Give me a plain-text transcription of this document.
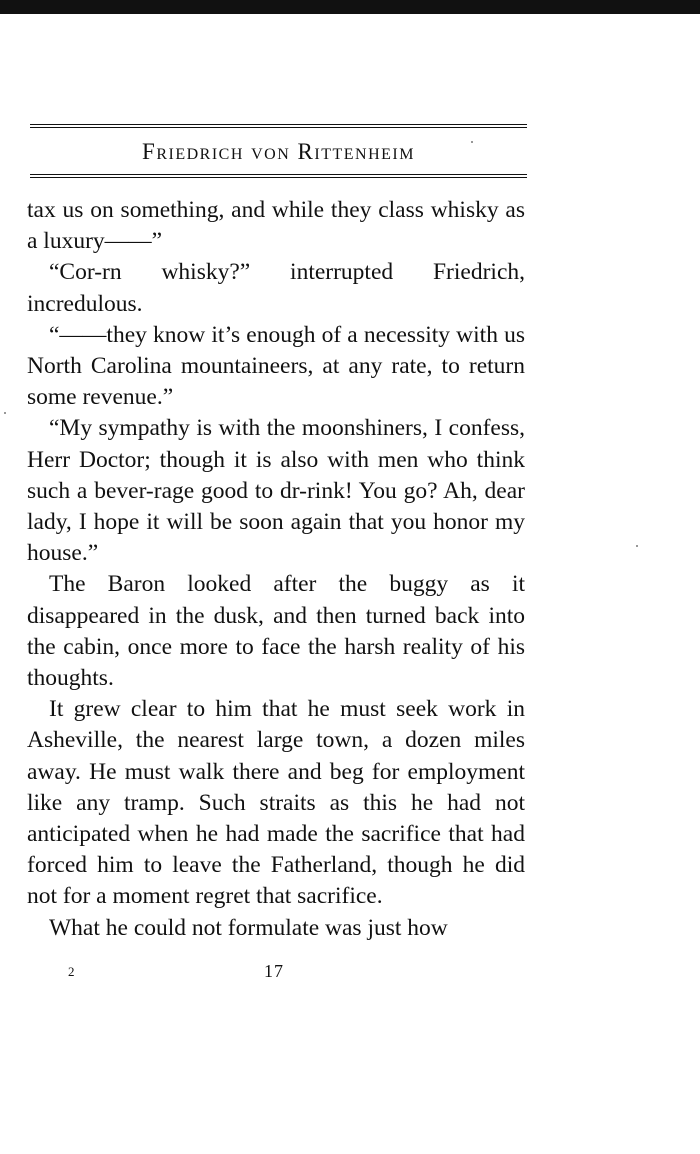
Friedrich von Rittenheim

tax us on something, and while they class whisky as a luxury——”

“Cor-rn whisky?” interrupted Friedrich, incredulous.

“——they know it’s enough of a necessity with us North Carolina mountaineers, at any rate, to return some revenue.”

“My sympathy is with the moonshiners, I confess, Herr Doctor; though it is also with men who think such a bever-rage good to dr-rink! You go? Ah, dear lady, I hope it will be soon again that you honor my house.”

The Baron looked after the buggy as it disappeared in the dusk, and then turned back into the cabin, once more to face the harsh reality of his thoughts.

It grew clear to him that he must seek work in Asheville, the nearest large town, a dozen miles away. He must walk there and beg for employment like any tramp. Such straits as this he had not anticipated when he had made the sacrifice that had forced him to leave the Fatherland, though he did not for a moment regret that sacrifice.

What he could not formulate was just how

2	17
